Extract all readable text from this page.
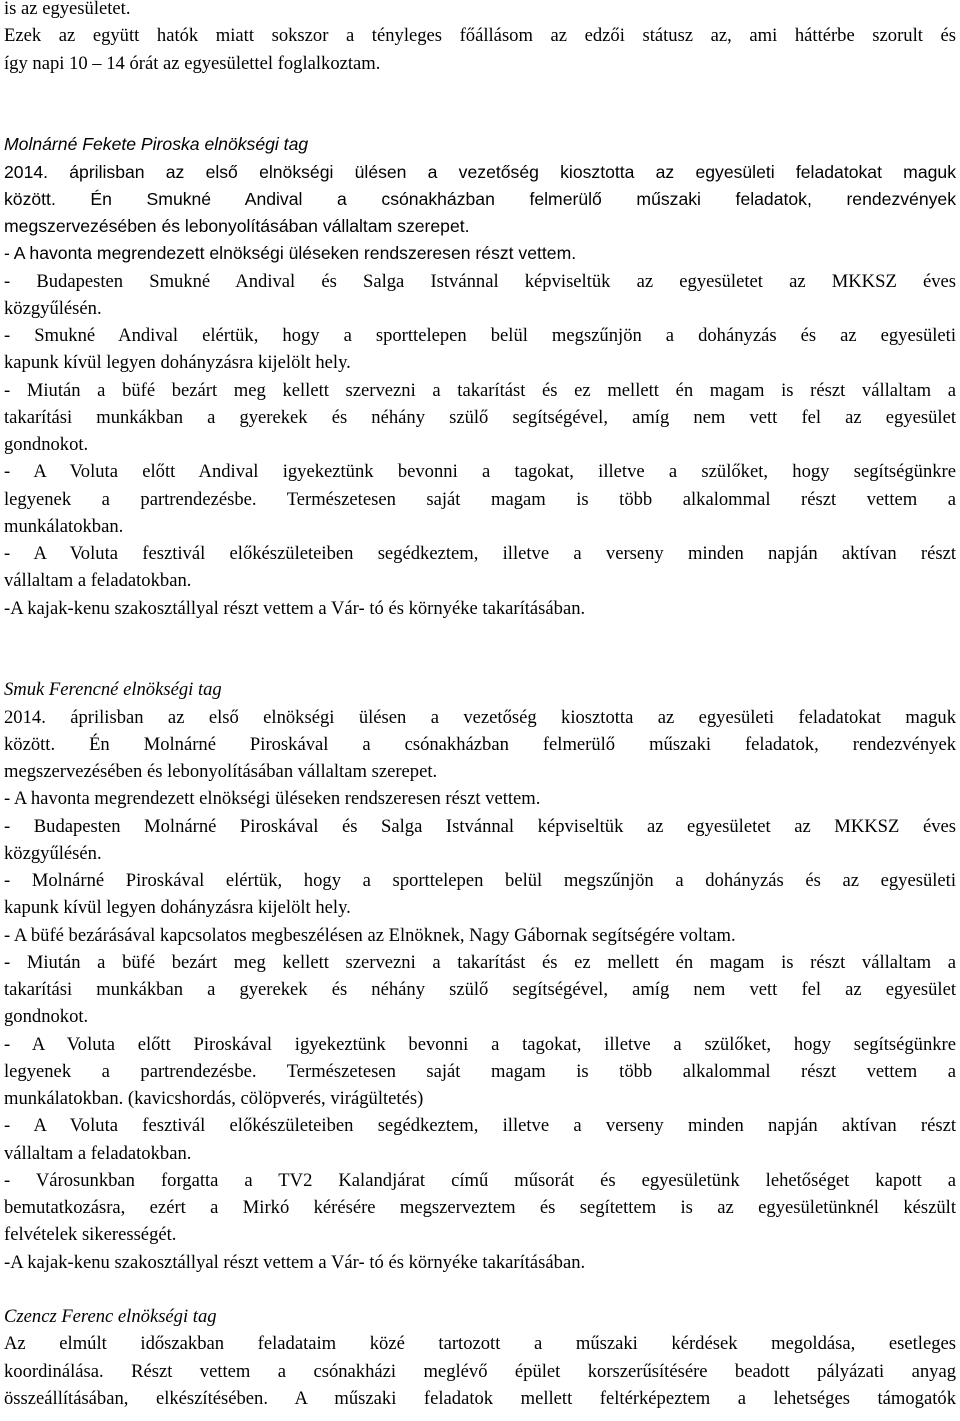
is az egyesületet.
Ezek az együtt hatók miatt sokszor a tényleges főállásom az edzői státusz az, ami háttérbe szorult és
így napi 10 – 14 órát az egyesülettel foglalkoztam.
Molnárné Fekete Piroska elnökségi tag
2014. áprilisban az első elnökségi ülésen a vezetőség kiosztotta az egyesületi feladatokat maguk
között. Én Smukné Andival a csónakházban felmerülő műszaki feladatok, rendezvények
megszervezésében és lebonyolításában vállaltam szerepet.
- A havonta megrendezett elnökségi üléseken rendszeresen részt vettem.
- Budapesten Smukné Andival és Salga Istvánnal képviseltük az egyesületet az MKKSZ éves
közgyűlésén.
- Smukné Andival elértük, hogy a sporttelepen belül megszűnjön a dohányzás és az egyesületi
kapunk kívül legyen dohányzásra kijelölt hely.
- Miután a büfé bezárt meg kellett szervezni a takarítást és ez mellett én magam is részt vállaltam a
takarítási munkákban a gyerekek és néhány szülő segítségével, amíg nem vett fel az egyesület
gondnokot.
- A Voluta előtt Andival igyekeztünk bevonni a tagokat, illetve a szülőket, hogy segítségünkre
legyenek a partrendezésbe. Természetesen saját magam is több alkalommal részt vettem a
munkálatokban.
- A Voluta fesztivál előkészületeiben segédkeztem, illetve a verseny minden napján aktívan részt
vállaltam a feladatokban.
-A kajak-kenu szakosztállyal részt vettem a Vár- tó és környéke takarításában.
Smuk Ferencné elnökségi tag
2014. áprilisban az első elnökségi ülésen a vezetőség kiosztotta az egyesületi feladatokat maguk
között. Én Molnárné Piroskával a csónakházban felmerülő műszaki feladatok, rendezvények
megszervezésében és lebonyolításában vállaltam szerepet.
- A havonta megrendezett elnökségi üléseken rendszeresen részt vettem.
- Budapesten Molnárné Piroskával és Salga Istvánnal képviseltük az egyesületet az MKKSZ éves
közgyűlésén.
- Molnárné Piroskával elértük, hogy a sporttelepen belül megszűnjön a dohányzás és az egyesületi
kapunk kívül legyen dohányzásra kijelölt hely.
- A büfé bezárásával kapcsolatos megbeszélésen az Elnöknek, Nagy Gábornak segítségére voltam.
- Miután a büfé bezárt meg kellett szervezni a takarítást és ez mellett én magam is részt vállaltam a
takarítási munkákban a gyerekek és néhány szülő segítségével, amíg nem vett fel az egyesület
gondnokot.
- A Voluta előtt Piroskával igyekeztünk bevonni a tagokat, illetve a szülőket, hogy segítségünkre
legyenek a partrendezésbe. Természetesen saját magam is több alkalommal részt vettem a
munkálatokban. (kavicshordás, cölöpverés, virágültetés)
- A Voluta fesztivál előkészületeiben segédkeztem, illetve a verseny minden napján aktívan részt
vállaltam a feladatokban.
- Városunkban forgatta a TV2 Kalandjárat című műsorát és egyesületünk lehetőséget kapott a
bemutatkozásra, ezért a Mirkó kérésére megszerveztem és segítettem is az egyesületünknél készült
felvételek sikerességét.
-A kajak-kenu szakosztállyal részt vettem a Vár- tó és környéke takarításában.
Czencz Ferenc elnökségi tag
Az elmúlt időszakban feladataim közé tartozott a műszaki kérdések megoldása, esetleges
koordinálása. Részt vettem a csónakházi meglévő épület korszerűsítésére beadott pályázati anyag
összeállításában, elkészítésében. A műszaki feladatok mellett feltérképeztem a lehetséges támogatók
